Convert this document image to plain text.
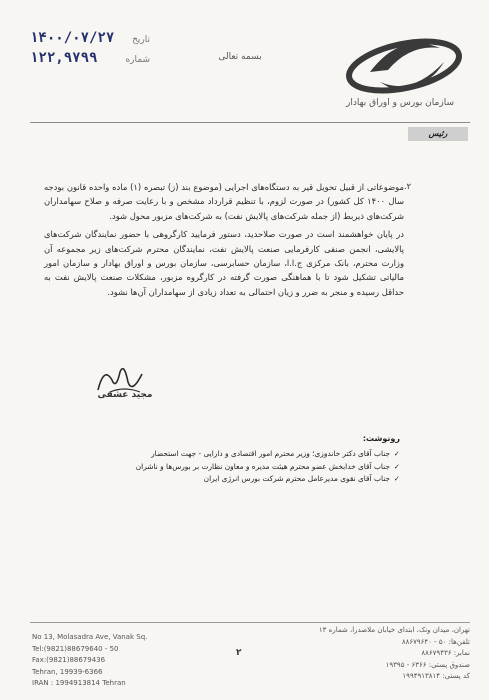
سازمان بورس و اوراق بهادار
بسمه تعالی
۱۴۰۰/۰۷/۲۷ تاریخ
۱۲۲,۹۷۹۹	شماره
رئیس
۲.

موضوعاتی از قبیل تحویل قیر به دستگاه‌های اجرایی (موضوع بند (ز) تبصره (۱) ماده واحده قانون بودجه سال ۱۴۰۰ کل کشور) در صورت لزوم، با تنظیم قرارداد مشخص و با رعایت صرفه و صلاح سهامداران شرکت‌های ذیربط (از جمله شرکت‌های پالایش نفت) به شرکت‌های مزبور محول شود.

در پایان خواهشمند است در صورت صلاحدید، دستور فرمایید کارگروهی با حضور نمایندگان شرکت‌های پالایشی، انجمن صنفی کارفرمایی صنعت پالایش نفت، نمایندگان محترم شرکت‌های زیر مجموعه آن وزارت محترم، بانک مرکزی ج.ا.ا، سازمان حسابرسی، سازمان بورس و اوراق بهادار و سازمان امور مالیاتی تشکیل شود تا با هماهنگی صورت گرفته در کارگروه مزبور، مشکلات صنعت پالایش نفت به حداقل رسیده و منجر به ضرر و زیان احتمالی به تعداد زیادی از سهامداران آن‌ها نشود.

مجید عشقی
رونوشت:
✓
جناب آقای دکتر خاندوزی؛ وزیر محترم امور اقتصادی و دارایی - جهت استحضار
✓
جناب آقای خدابخش عضو محترم هیئت مدیره و معاون نظارت بر بورس‌ها و ناشران
✓
جناب آقای نقوی مدیرعامل محترم شرکت بورس انرژی ایران
۲
No 13, Molasadra Ave, Vanak Sq.
Tel:(9821)88679640 - 50
Fax:(9821)88679436
Tehran, 19939-6366
IRAN : 1994913814 Tehran
تهران، میدان ونک، ابتدای خیابان ملاصدرا، شماره ۱۳
تلفن‌ها: ۵۰ - ۸۸۶۷۹۶۴۰
نمابر: ۸۸۶۷۹۴۳۶
صندوق پستی: ۶۳۶۶ - ۱۹۳۹۵
کد پستی: ۱۹۹۴۹۱۳۸۱۴
